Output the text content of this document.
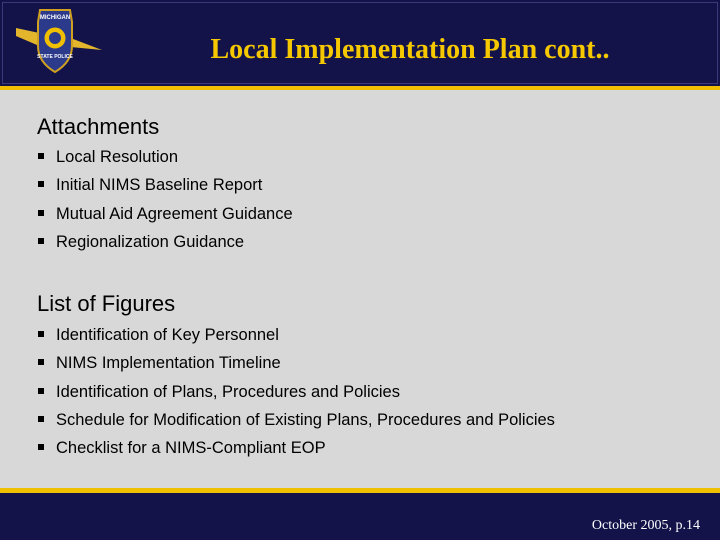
MICHIGAN
STATE POLICE	Local Implementation Plan cont..
Attachments
Local Resolution
Initial NIMS Baseline Report
Mutual Aid Agreement Guidance
Regionalization Guidance
List of Figures
Identification of Key Personnel
NIMS Implementation Timeline
Identification of Plans, Procedures and Policies
Schedule for Modification of Existing Plans, Procedures and Policies
Checklist for a NIMS-Compliant EOP
October 2005, p.14
